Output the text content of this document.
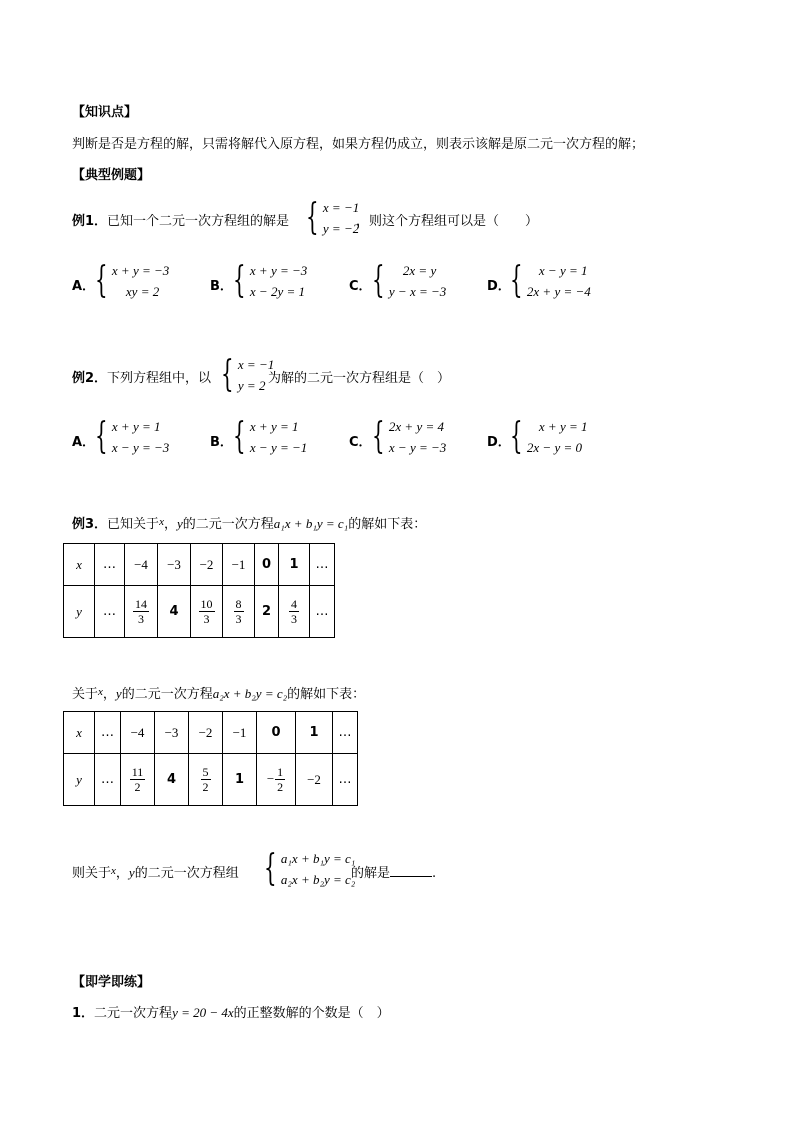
【知识点】
判断是否是方程的解，只需将解代入原方程，如果方程仍成立，则表示该解是原二元一次方程的解；
【典型例题】
例1．已知一个二元一次方程组的解是 { x = −1
y = −2
，则这个方程组可以是（　　）
A． { x + y = −3
xy = 2	B． { x + y = −3
x − 2y = 1	C． {	2x = y
y − x = −3	D． {	x − y = 1
2x + y = −4
例2．下列方程组中，以 { x = −1
y = 2 为解的二元一次方程组是（　）
A． { x + y = 1
x − y = −3	B． { x + y = 1
x − y = −1	C． { 2x + y = 4
x − y = −3	D． {	x + y = 1
2x − y = 0
例3．已知关于$^x$，y的二元一次方程a₁x + b₁y = c₁的解如下表：
x	…	−4	−3	−2	−1	0	1	…
y	…	$\frac{14}{3}$	4	$\frac{10}{3}$	$\frac{8}{3}$	2	$\frac{4}{3}$	…
关于$^x$，y的二元一次方程a₂x + b₂y = c₂的解如下表：
x	…	−4	−3	−2	−1	0	1	…
y	…	$\frac{11}{2}$	4	$\frac{5}{2}$	1	− $\frac{1}{2}$	−2	…
则关于$^x$，y的二元一次方程组 { a₁x + b₁y = c₁
a₂x + b₂y = c₂
的解是	.
【即学即练】
1．二元一次方程y = 20 − 4x的正整数解的个数是（　）
